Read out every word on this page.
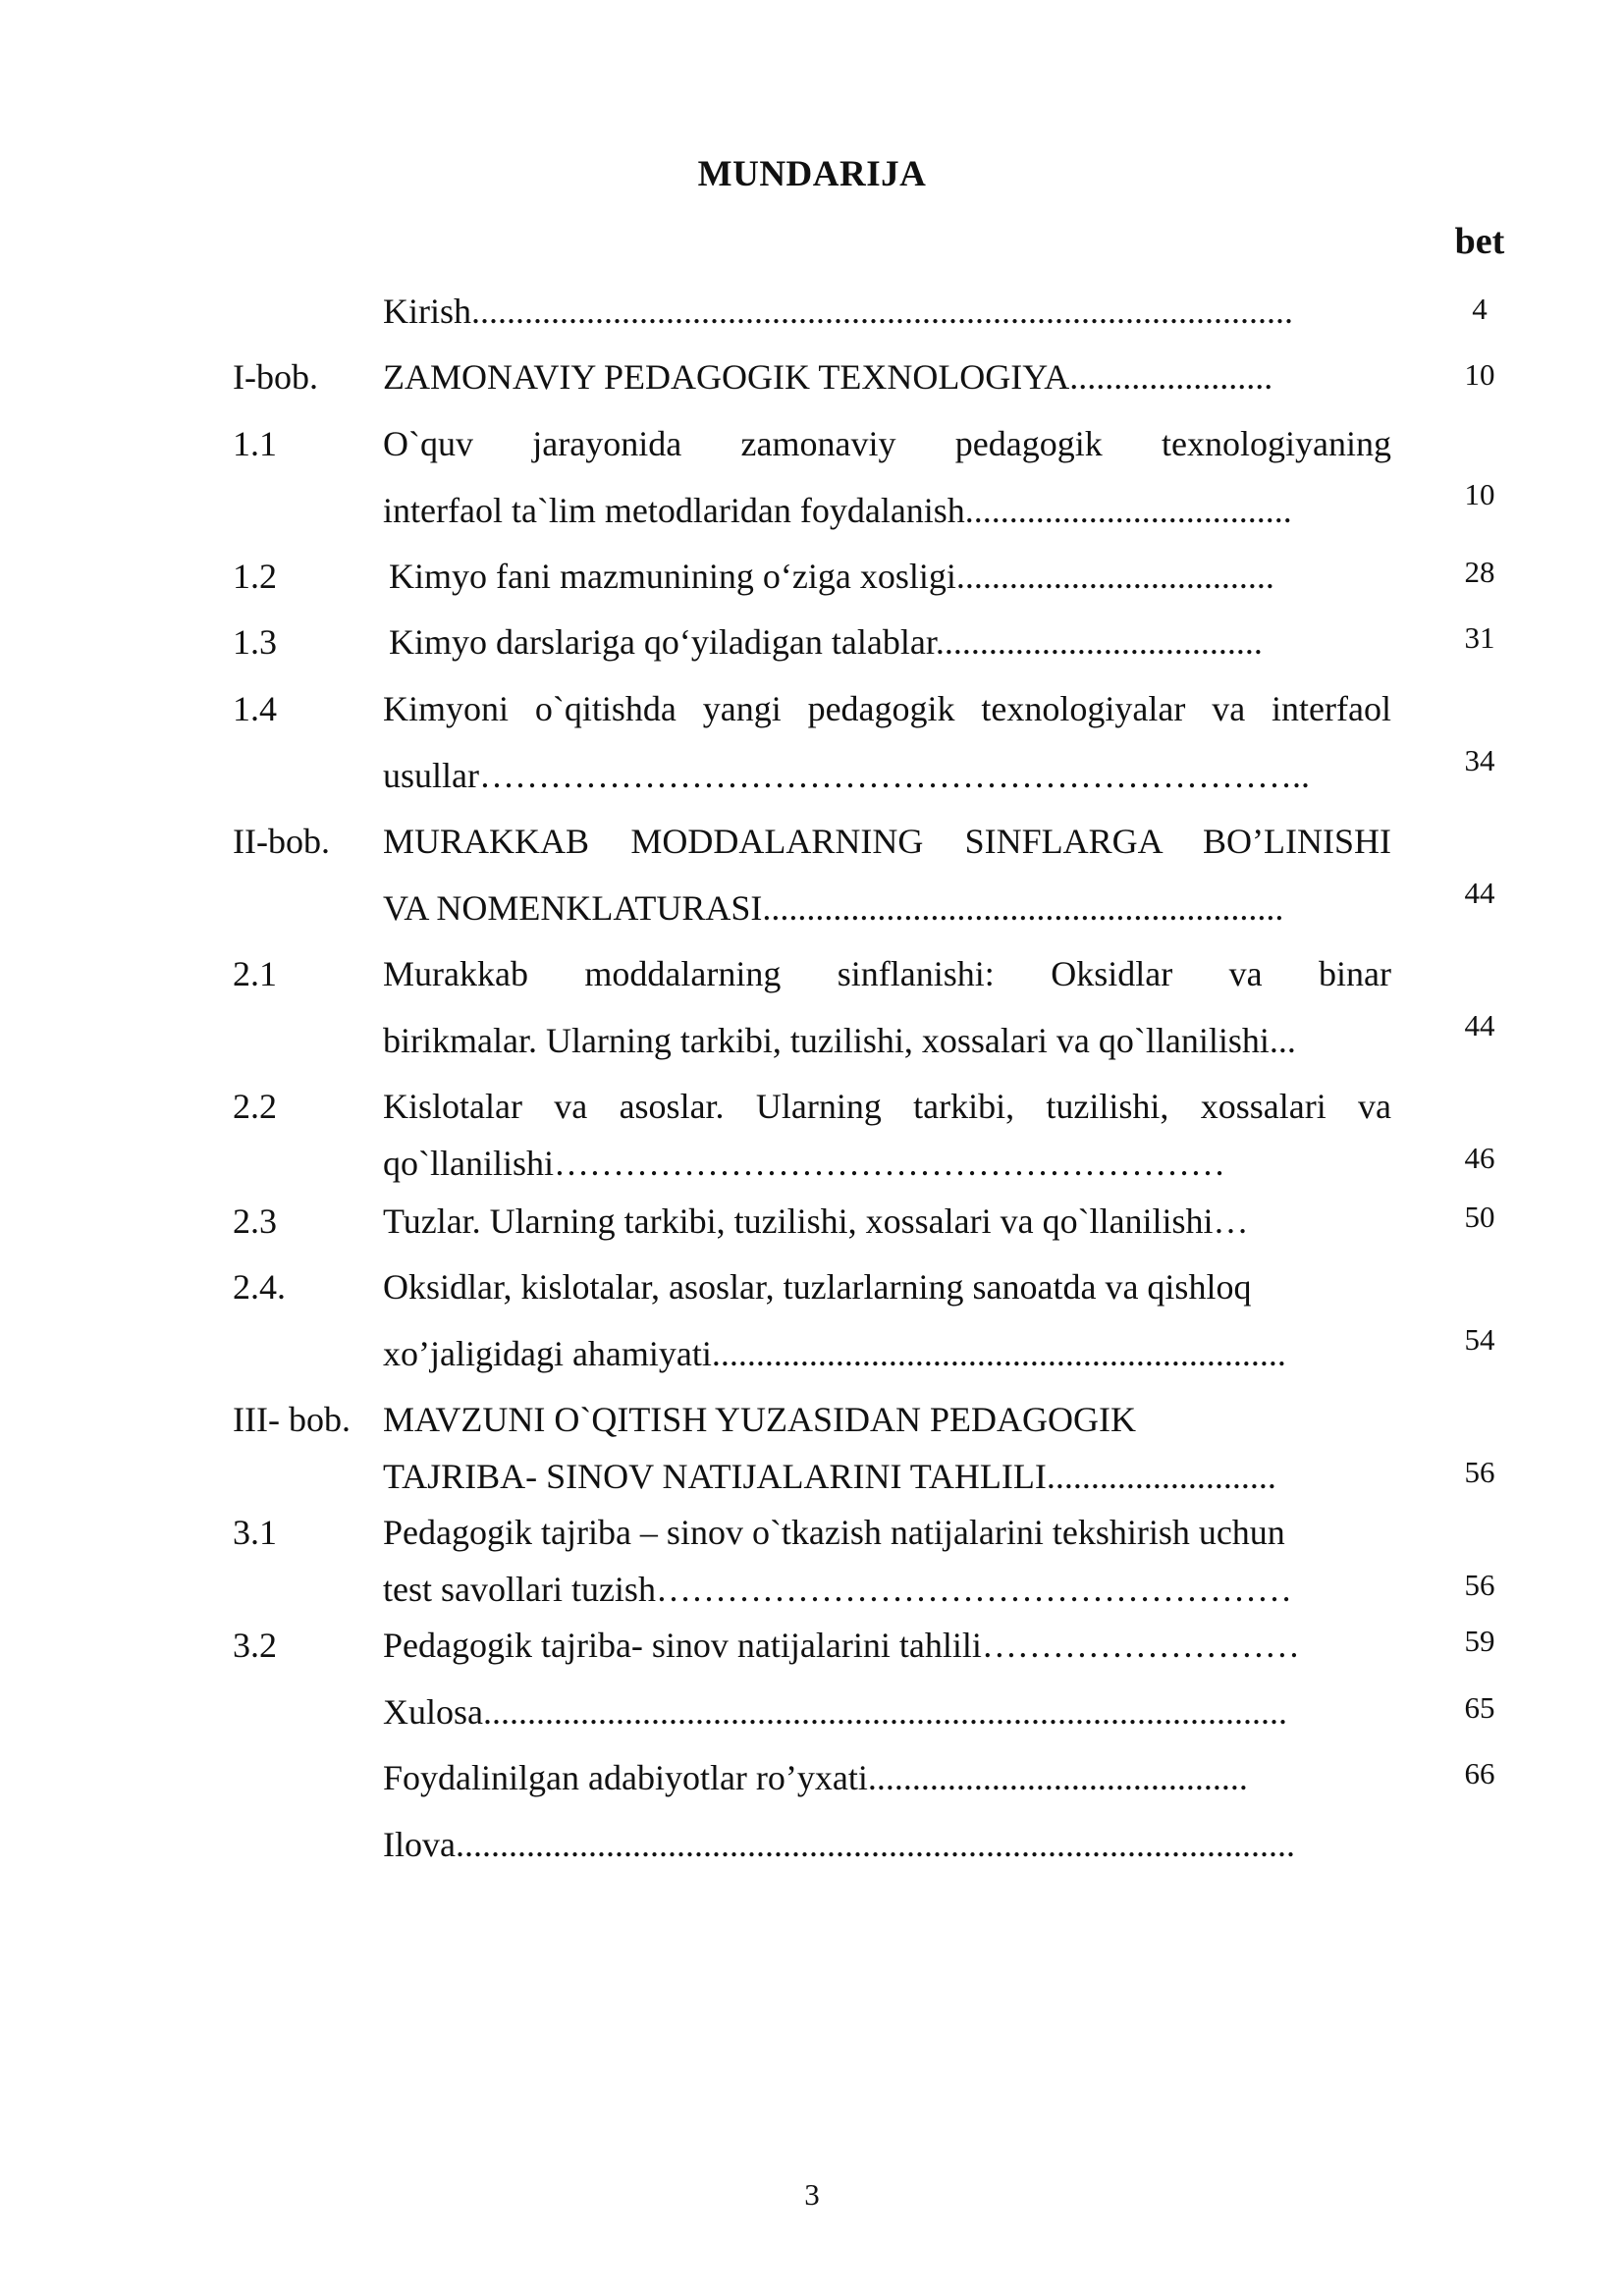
MUNDARIJA
bet
Kirish.............................................................................................	4
I-bob. ZAMONAVIY PEDAGOGIK TEXNOLOGIYA.......................	10
1.1	O`quv jarayonida zamonaviy pedagogik texnologiyaning
interfaol ta`lim metodlaridan foydalanish.....................................	10
1.2	Kimyo fani mazmunining o‘ziga xosligi....................................	28
1.3	Kimyo darslariga qo‘yiladigan talablar.....................................	31
1.4	Kimyoni o`qitishda yangi pedagogik texnologiyalar va interfaol
usullar……………………………………………………………..	34
II-bob. MURAKKAB MODDALARNING SINFLARGA BO’LINISHI
VA NOMENKLATURASI...........................................................	44
2.1	Murakkab moddalarning sinflanishi: Oksidlar va binar
birikmalar. Ularning tarkibi, tuzilishi, xossalari va qo`llanilishi...	44
2.2	Kislotalar va asoslar. Ularning tarkibi, tuzilishi, xossalari va
qo`llanilishi…………………………………………………	46
2.3	Tuzlar. Ularning tarkibi, tuzilishi, xossalari va qo`llanilishi…	50
2.4.	Oksidlar, kislotalar, asoslar, tuzlarlarning sanoatda va qishloq
xo’jaligidagi ahamiyati.................................................................	54
III- bob. MAVZUNI O`QITISH YUZASIDAN PEDAGOGIK
TAJRIBA- SINOV NATIJALARINI TAHLILI..........................	56
3.1	Pedagogik tajriba – sinov o`tkazish natijalarini tekshirish uchun
test savollari tuzish………………………………………………	56
3.2	Pedagogik tajriba- sinov natijalarini tahlili………………………	59
Xulosa...........................................................................................	65
Foydalinilgan adabiyotlar ro’yxati...........................................	66
Ilova...............................................................................................
3
